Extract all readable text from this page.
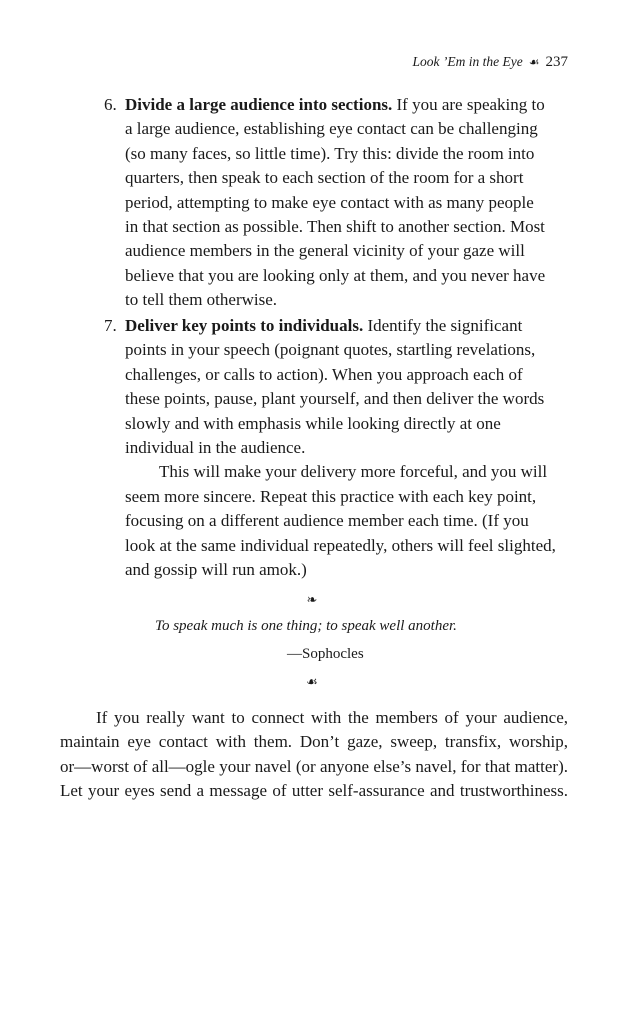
Look ’Em in the Eye ☙ 237
6. Divide a large audience into sections. If you are speaking to
a large audience, establishing eye contact can be challenging
(so many faces, so little time). Try this: divide the room into
quarters, then speak to each section of the room for a short
period, attempting to make eye contact with as many people
in that section as possible. Then shift to another section. Most
audience members in the general vicinity of your gaze will
believe that you are looking only at them, and you never have
to tell them otherwise.
7. Deliver key points to individuals. Identify the significant
points in your speech (poignant quotes, startling revelations,
challenges, or calls to action). When you approach each of
these points, pause, plant yourself, and then deliver the words
slowly and with emphasis while looking directly at one
individual in the audience.
This will make your delivery more forceful, and you will
seem more sincere. Repeat this practice with each key point,
focusing on a different audience member each time. (If you
look at the same individual repeatedly, others will feel slighted,
and gossip will run amok.)
❧
To speak much is one thing; to speak well another.
—Sophocles
☙
If you really want to connect with the members of your audience,
maintain eye contact with them. Don’t gaze, sweep, transfix, worship,
or—worst of all—ogle your navel (or anyone else’s navel, for that matter).
Let your eyes send a message of utter self-assurance and trustworthiness.
